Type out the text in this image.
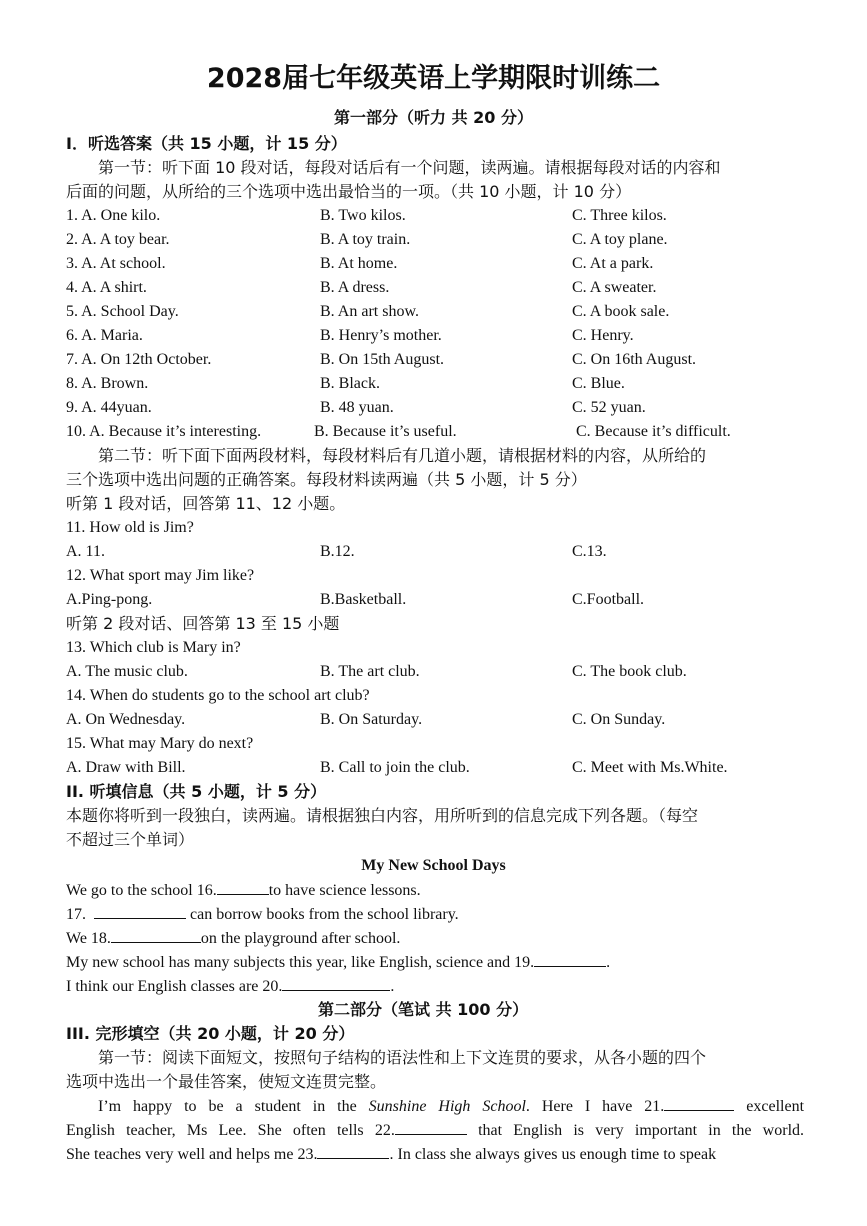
2028届七年级英语上学期限时训练二
第一部分（听力 共 20 分）
I．听选答案（共 15 小题，计 15 分）
第一节：听下面 10 段对话，每段对话后有一个问题，读两遍。请根据每段对话的内容和
后面的问题，从所给的三个选项中选出最恰当的一项。（共 10 小题，计 10 分）
1. A. One kilo.	B. Two kilos.	C. Three kilos.
2. A. A toy bear.	B. A toy train.	C. A toy plane.
3. A. At school.	B. At home.	C. At a park.
4. A. A shirt.	B. A dress.	C. A sweater.
5. A. School Day.	B. An art show.	C. A book sale.
6. A. Maria.	B. Henry’s mother.	C. Henry.
7. A. On 12th October.	B. On 15th August.	C. On 16th August.
8. A. Brown.	B. Black.	C. Blue.
9. A. 44yuan.	B. 48 yuan.	C. 52 yuan.
10. A. Because it’s interesting.	B. Because it’s useful.	C. Because it’s difficult.
第二节：听下面下面两段材料，每段材料后有几道小题，请根据材料的内容，从所给的
三个选项中选出问题的正确答案。每段材料读两遍（共 5 小题，计 5 分）
听第 1 段对话，回答第 11、12 小题。
11. How old is Jim?
A. 11.	B.12.	C.13.
12. What sport may Jim like?
A.Ping-pong.	B.Basketball.	C.Football.
听第 2 段对话、回答第 13 至 15 小题
13. Which club is Mary in?
A. The music club.	B. The art club.	C. The book club.
14. When do students go to the school art club?
A. On Wednesday.	B. On Saturday.	C. On Sunday.
15. What may Mary do next?
A. Draw with Bill.	B. Call to join the club.	C. Meet with Ms.White.
II. 听填信息（共 5 小题，计 5 分）
本题你将听到一段独白，读两遍。请根据独白内容，用所听到的信息完成下列各题。（每空
不超过三个单词）
My New School Days
We go to the school 16.	to have science lessons.
17.	can borrow books from the school library.
We 18.	on the playground after school.
My new school has many subjects this year, like English, science and 19.	.
I think our English classes are 20.	.
第二部分（笔试 共 100 分）
III. 完形填空（共 20 小题，计 20 分）
第一节：阅读下面短文，按照句子结构的语法性和上下文连贯的要求，从各小题的四个
选项中选出一个最佳答案，使短文连贯完整。
I’m happy to be a student in the Sunshine High School. Here I have 21.	excellent
English teacher, Ms Lee. She often tells 22.	that English is very important in the world.
She teaches very well and helps me 23.	. In class she always gives us enough time to speak
